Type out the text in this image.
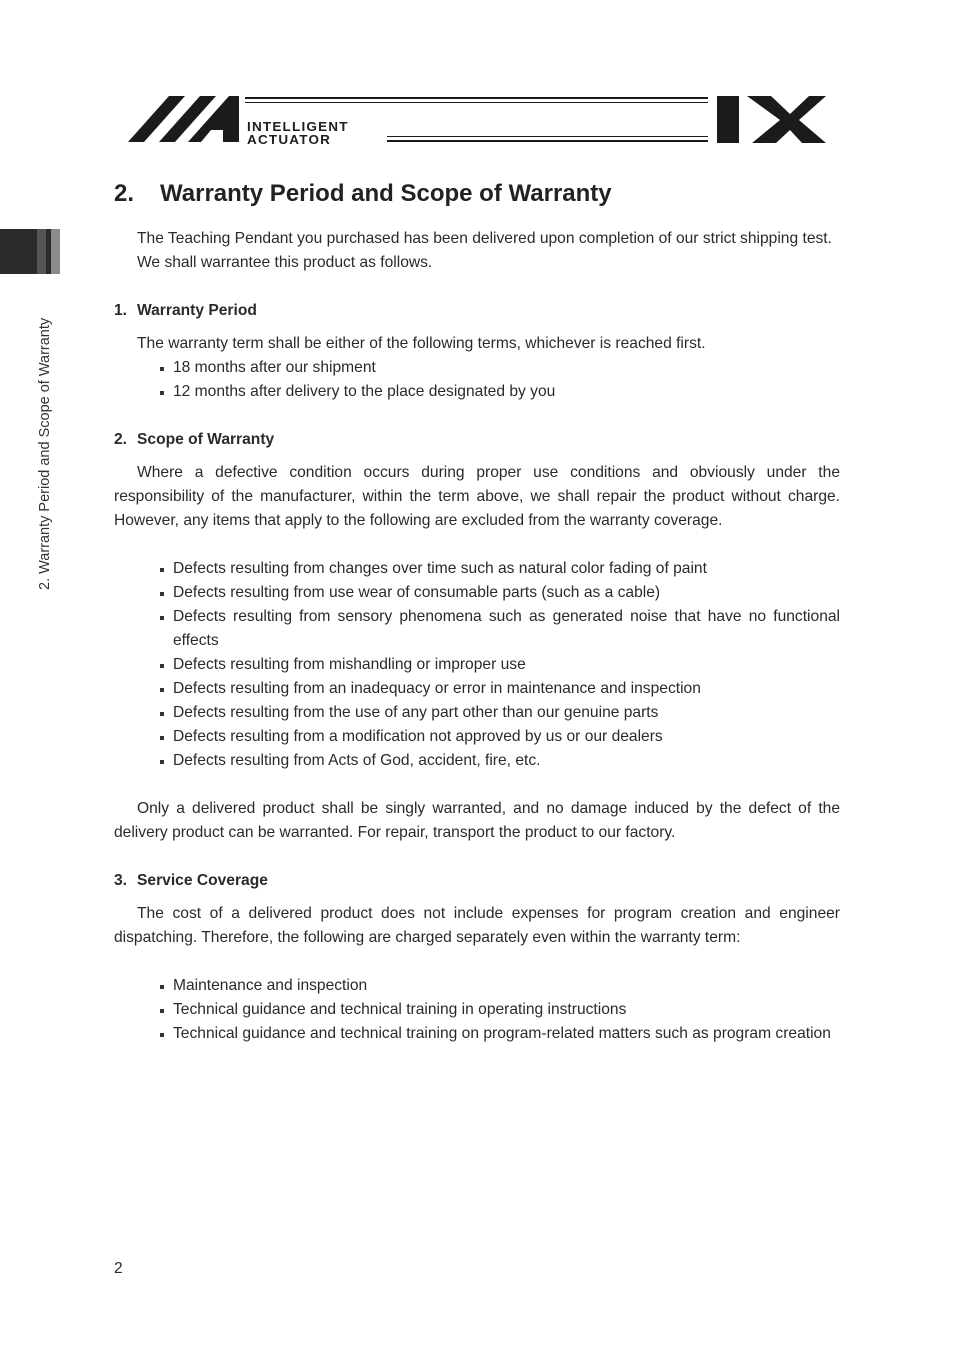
INTELLIGENT
ACTUATOR
2. Warranty Period and Scope of Warranty
2. Warranty Period and Scope of Warranty

The Teaching Pendant you purchased has been delivered upon completion of our strict shipping test.

We shall warrantee this product as follows.

1. Warranty Period

The warranty term shall be either of the following terms, whichever is reached first.

18 months after our shipment
12 months after delivery to the place designated by you

2. Scope of Warranty

Where a defective condition occurs during proper use conditions and obviously under the responsibility of the manufacturer, within the term above, we shall repair the product without charge. However, any items that apply to the following are excluded from the warranty coverage.

Defects resulting from changes over time such as natural color fading of paint
Defects resulting from use wear of consumable parts (such as a cable)
Defects resulting from sensory phenomena such as generated noise that have no functional effects
Defects resulting from mishandling or improper use
Defects resulting from an inadequacy or error in maintenance and inspection
Defects resulting from the use of any part other than our genuine parts
Defects resulting from a modification not approved by us or our dealers
Defects resulting from Acts of God, accident, fire, etc.

Only a delivered product shall be singly warranted, and no damage induced by the defect of the delivery product can be warranted. For repair, transport the product to our factory.

3. Service Coverage

The cost of a delivered product does not include expenses for program creation and engineer dispatching. Therefore, the following are charged separately even within the warranty term:

Maintenance and inspection
Technical guidance and technical training in operating instructions
Technical guidance and technical training on program-related matters such as program creation
2
